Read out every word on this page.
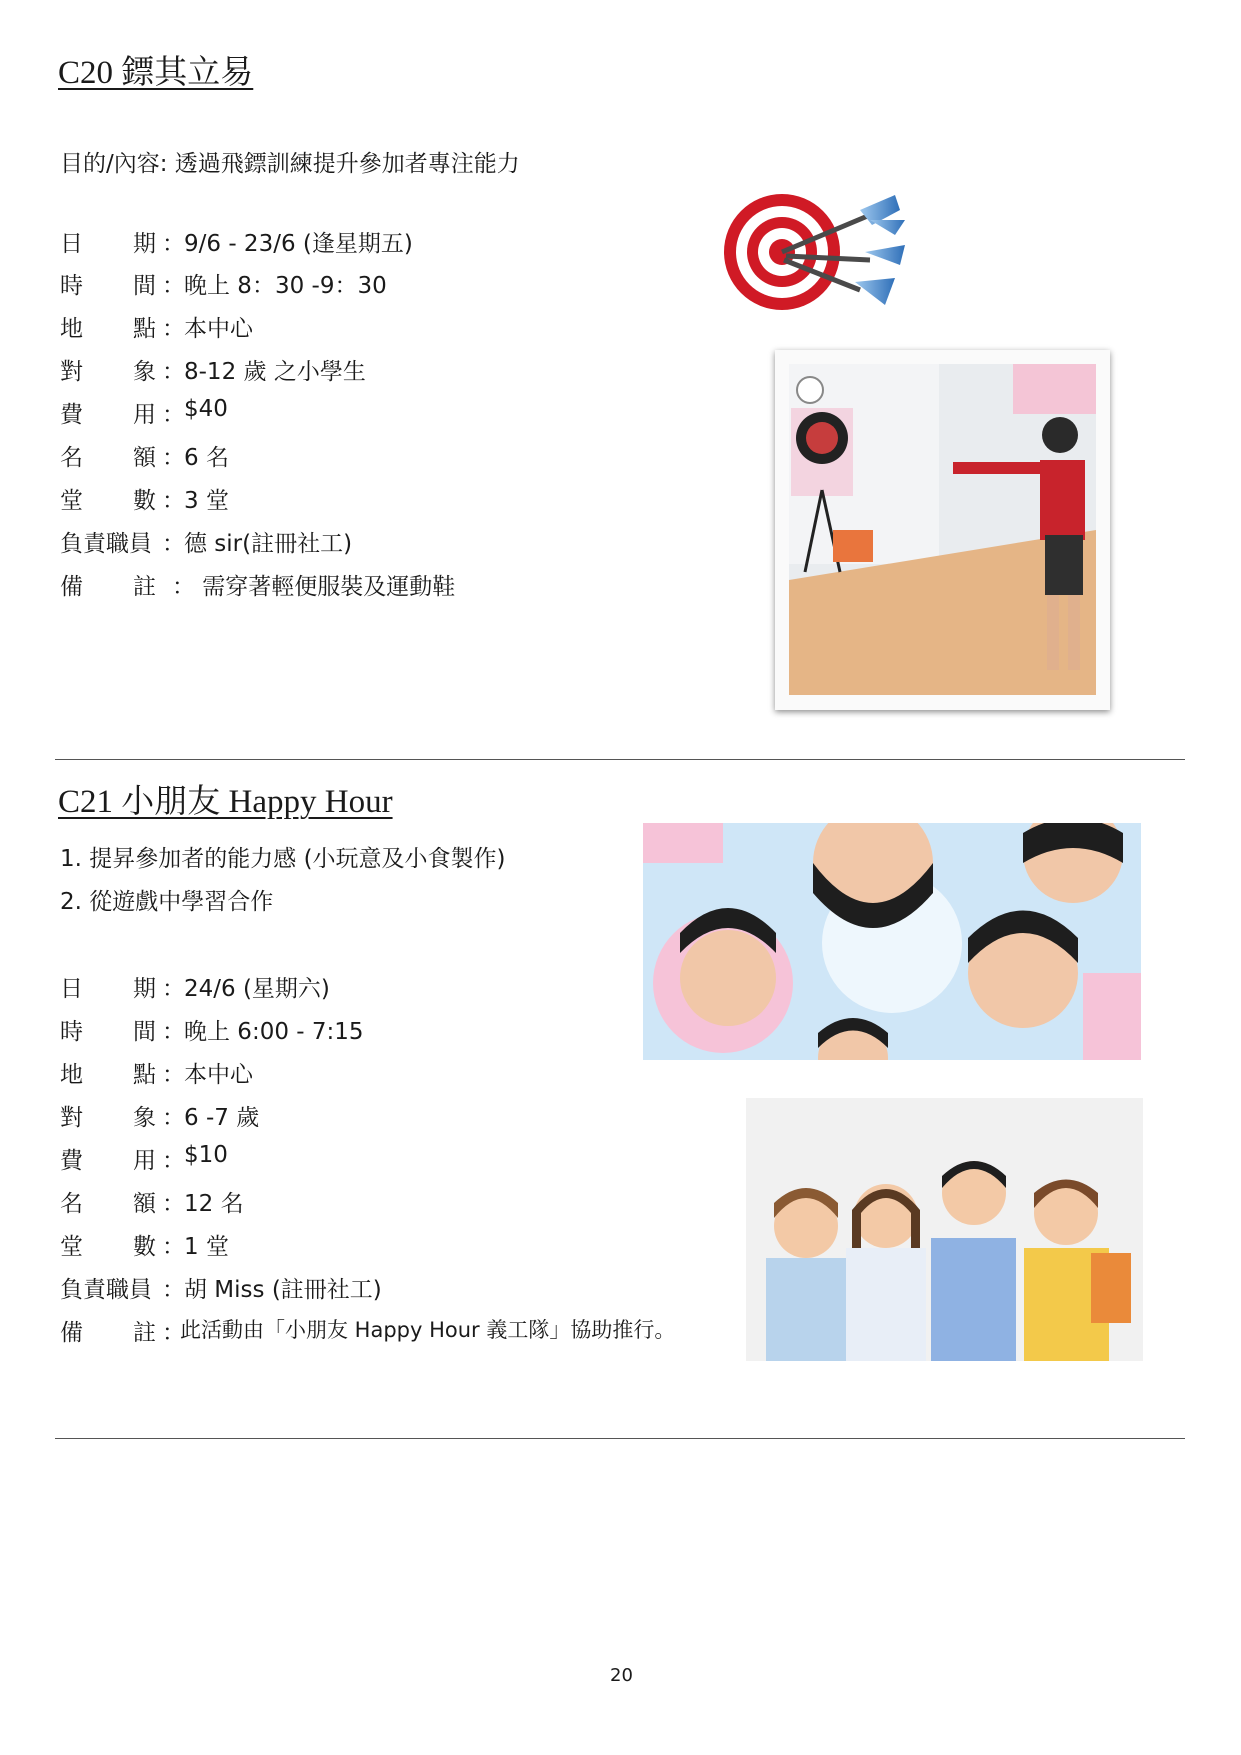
C20 鏢其立易
目的/內容: 透過飛鏢訓練提升參加者專注能力
日 期 ： 9/6 - 23/6 (逢星期五)
時 間 ： 晚上 8：30 -9：30
地 點 ： 本中心
對 象 ： 8-12 歲 之小學生
費 用 ： $40
名 額 ： 6 名
堂 數 ： 3 堂
負責職員 ： 德 sir(註冊社工)
備 註 ： 需穿著輕便服裝及運動鞋
C21 小朋友 Happy Hour
1. 提昇參加者的能力感 (小玩意及小食製作)
2. 從遊戲中學習合作
日 期 ： 24/6 (星期六)
時 間 ： 晚上 6:00 - 7:15
地 點 ： 本中心
對 象 ： 6 -7 歲
費 用 ： $10
名 額 ： 12 名
堂 數 ： 1 堂
負責職員 ： 胡 Miss (註冊社工)
備 註 ：
此活動由「小朋友 Happy Hour 義工隊」協助推行。
20
